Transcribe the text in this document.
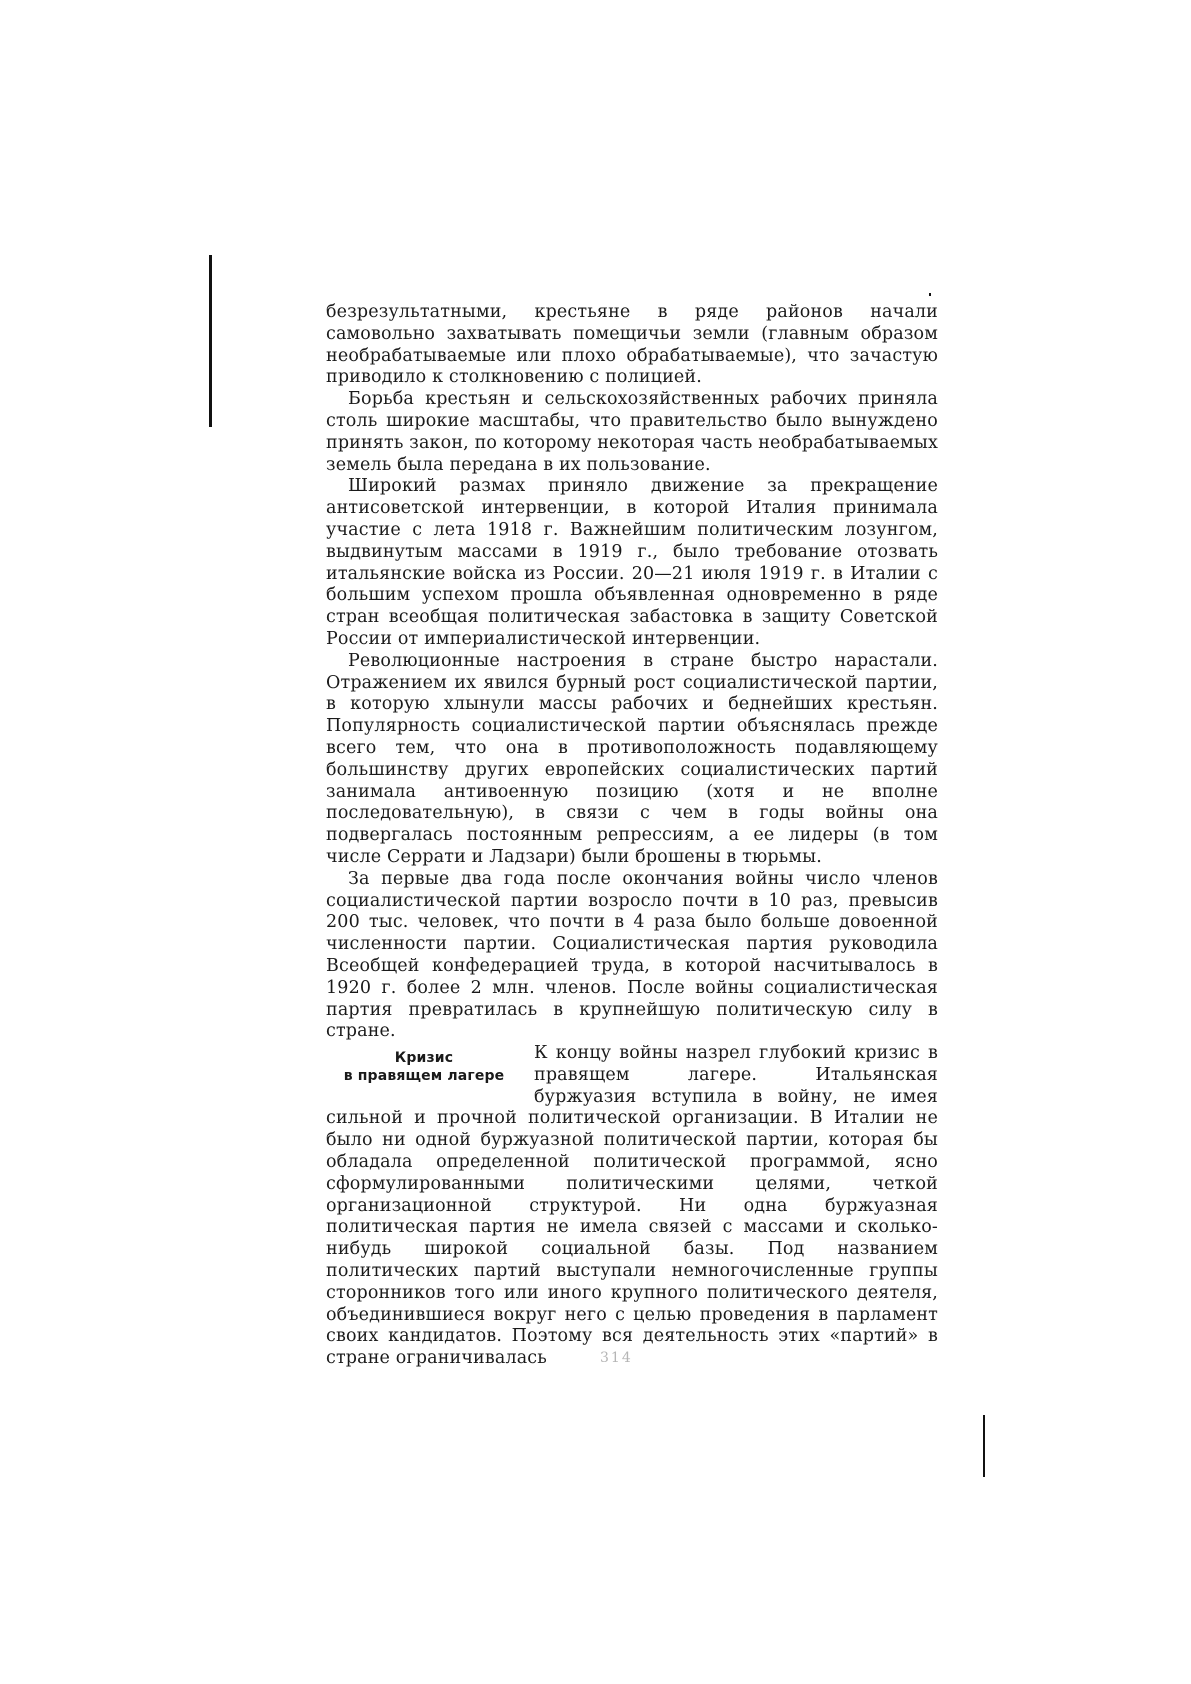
безрезультатными, крестьяне в ряде районов начали самовольно захватывать помещичьи земли (главным образом необрабатываемые или плохо обрабатываемые), что зачастую приводило к столкновению с полицией.

Борьба крестьян и сельскохозяйственных рабочих приняла столь широкие масштабы, что правительство было вынуждено принять закон, по которому некоторая часть необрабатываемых земель была передана в их пользование.

Широкий размах приняло движение за прекращение антисоветской интервенции, в которой Италия принимала участие с лета 1918 г. Важнейшим политическим лозунгом, выдвинутым массами в 1919 г., было требование отозвать итальянские войска из России. 20—21 июля 1919 г. в Италии с большим успехом прошла объявленная одновременно в ряде стран всеобщая политическая забастовка в защиту Советской России от империалистической интервенции.

Революционные настроения в стране быстро нарастали. Отражением их явился бурный рост социалистической партии, в которую хлынули массы рабочих и беднейших крестьян. Популярность социалистической партии объяснялась прежде всего тем, что она в противоположность подавляющему большинству других европейских социалистических партий занимала антивоенную позицию (хотя и не вполне последовательную), в связи с чем в годы войны она подвергалась постоянным репрессиям, а ее лидеры (в том числе Серрати и Ладзари) были брошены в тюрьмы.

За первые два года после окончания войны число членов социалистической партии возросло почти в 10 раз, превысив 200 тыс. человек, что почти в 4 раза было больше довоенной численности партии. Социалистическая партия руководила Всеобщей конфедерацией труда, в которой насчитывалось в 1920 г. более 2 млн. членов. После войны социалистическая партия превратилась в крупнейшую политическую силу в стране.

Кризис
в правящем лагере

К концу войны назрел глубокий кризис в правящем лагере. Итальянская буржуазия вступила в войну, не имея сильной и прочной политической организации. В Италии не было ни одной буржуазной политической партии, которая бы обладала определенной политической программой, ясно сформулированными политическими целями, четкой организационной структурой. Ни одна буржуазная политическая партия не имела связей с массами и сколько-нибудь широкой социальной базы. Под названием политических партий выступали немногочисленные группы сторонников того или иного крупного политического деятеля, объединившиеся вокруг него с целью проведения в парламент своих кандидатов. Поэтому вся деятельность этих «партий» в стране ограничивалась	314
